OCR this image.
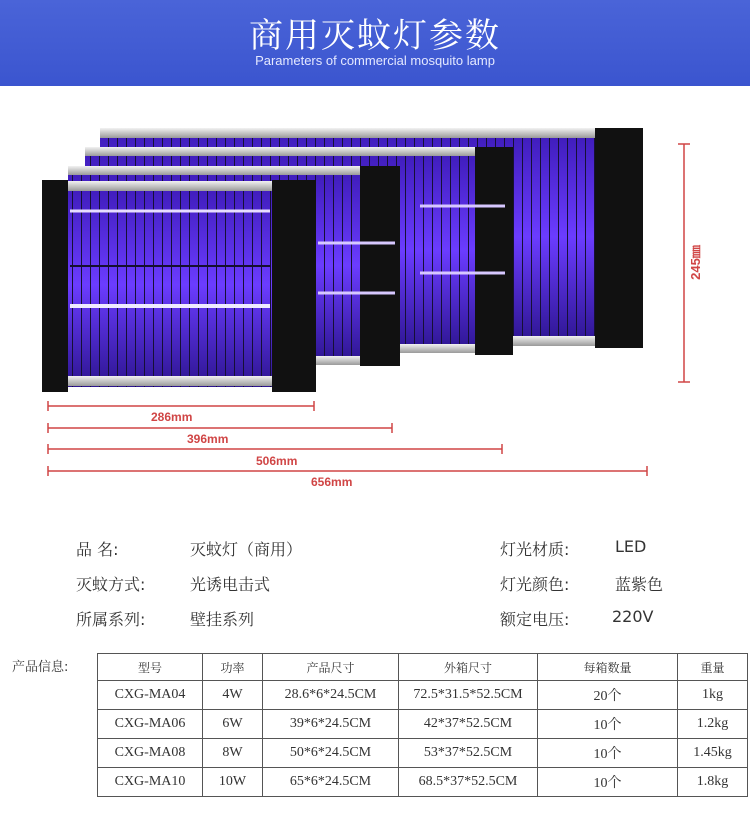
商用灭蚊灯参数
Parameters of commercial mosquito lamp
245㎜
286mm
396mm
506mm
656mm
品 名:	灭蚊灯（商用）
灭蚊方式:	光诱电击式
所属系列:	壁挂系列
灯光材质:	LED
灯光颜色:	蓝紫色
额定电压:	220V
产品信息:	型号	功率	产品尺寸	外箱尺寸	每箱数量	重量
CXG-MA04	4W	28.6*6*24.5CM	72.5*31.5*52.5CM	20个	1kg
CXG-MA06	6W	39*6*24.5CM	42*37*52.5CM	10个	1.2kg
CXG-MA08	8W	50*6*24.5CM	53*37*52.5CM	10个	1.45kg
CXG-MA10	10W	65*6*24.5CM	68.5*37*52.5CM	10个	1.8kg
